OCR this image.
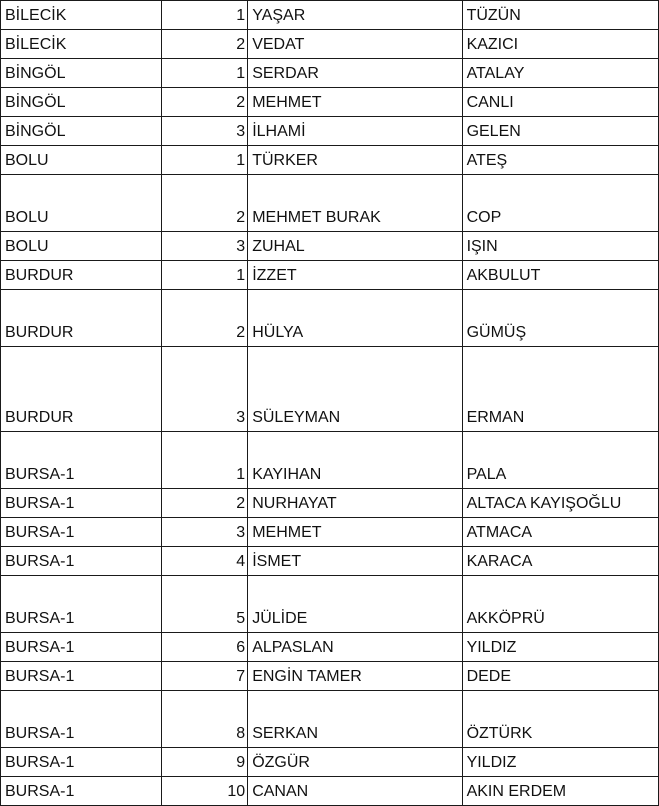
BİLECİK	1	YAŞAR	TÜZÜN
BİLECİK	2	VEDAT	KAZICI
BİNGÖL	1	SERDAR	ATALAY
BİNGÖL	2	MEHMET	CANLI
BİNGÖL	3	İLHAMİ	GELEN
BOLU	1	TÜRKER	ATEŞ
BOLU	2	MEHMET BURAK	COP
BOLU	3	ZUHAL	IŞIN
BURDUR	1	İZZET	AKBULUT
BURDUR	2	HÜLYA	GÜMÜŞ
BURDUR	3	SÜLEYMAN	ERMAN
BURSA-1	1	KAYIHAN	PALA
BURSA-1	2	NURHAYAT	ALTACA KAYIŞOĞLU
BURSA-1	3	MEHMET	ATMACA
BURSA-1	4	İSMET	KARACA
BURSA-1	5	JÜLİDE	AKKÖPRÜ
BURSA-1	6	ALPASLAN	YILDIZ
BURSA-1	7	ENGİN TAMER	DEDE
BURSA-1	8	SERKAN	ÖZTÜRK
BURSA-1	9	ÖZGÜR	YILDIZ
BURSA-1	10	CANAN	AKIN ERDEM
